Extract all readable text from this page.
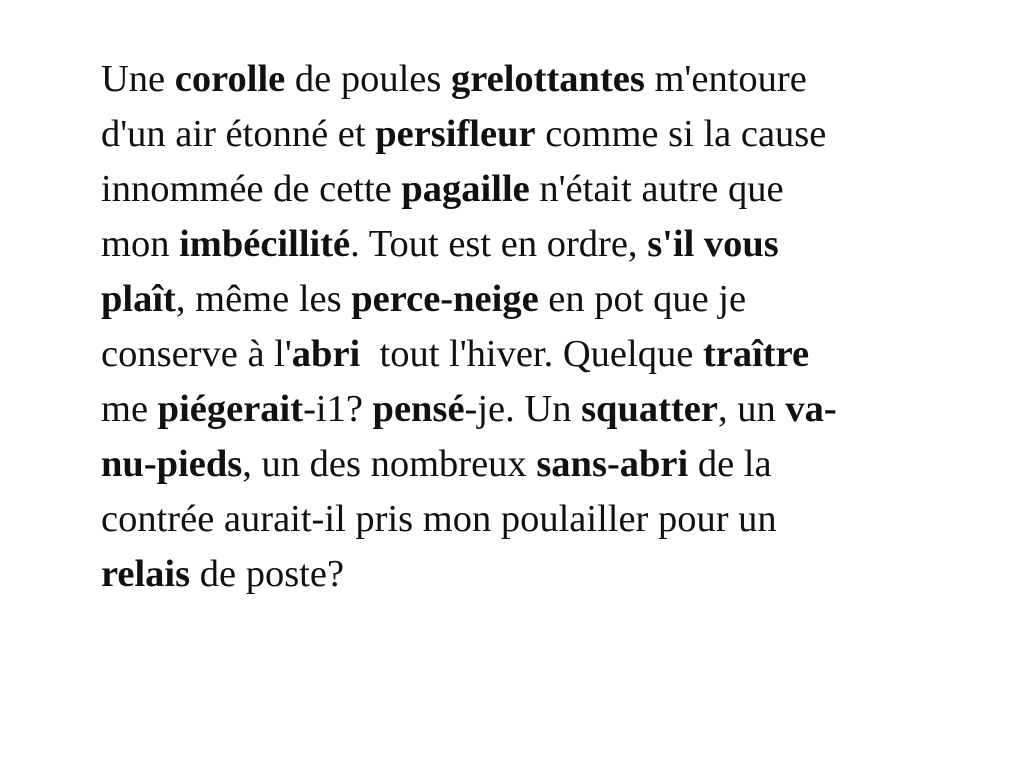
Une corolle de poules grelottantes m'entoure
d'un air étonné et persifleur comme si la cause
innommée de cette pagaille n'était autre que
mon imbécillité. Tout est en ordre, s'il vous
plaît, même les perce-neige en pot que je
conserve à l'abri  tout l'hiver. Quelque traître
me piégerait-i1? pensé-je. Un squatter, un va-
nu-pieds, un des nombreux sans-abri de la
contrée aurait-il pris mon poulailler pour un
relais de poste?
